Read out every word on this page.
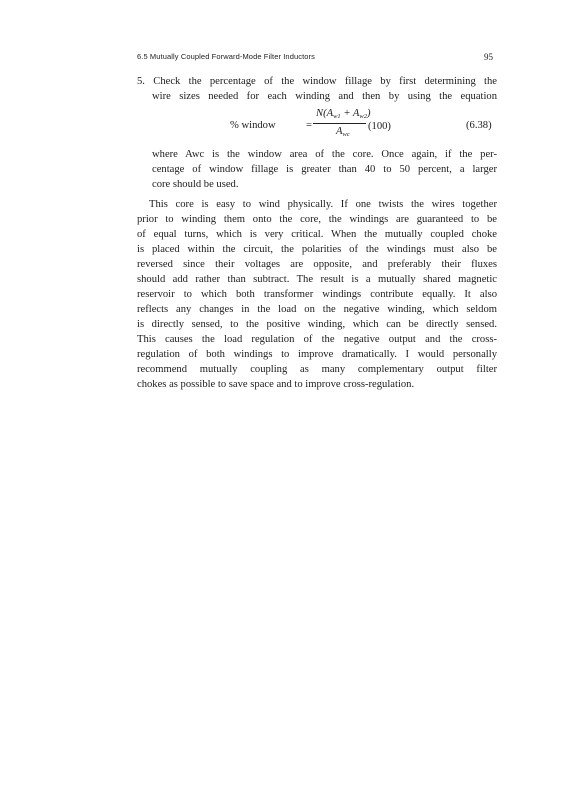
6.5 Mutually Coupled Forward-Mode Filter Inductors	95
5. Check the percentage of the window fillage by first determining the
wire sizes needed for each winding and then by using the equation
% window	=
$N(A_{w1} + A_{w2})$
$A_{wc}$
(100)	(6.38)
where Awc is the window area of the core. Once again, if the per-
centage of window fillage is greater than 40 to 50 percent, a larger
core should be used.
This core is easy to wind physically. If one twists the wires together
prior to winding them onto the core, the windings are guaranteed to be
of equal turns, which is very critical. When the mutually coupled choke
is placed within the circuit, the polarities of the windings must also be
reversed since their voltages are opposite, and preferably their fluxes
should add rather than subtract. The result is a mutually shared magnetic
reservoir to which both transformer windings contribute equally. It also
reflects any changes in the load on the negative winding, which seldom
is directly sensed, to the positive winding, which can be directly sensed.
This causes the load regulation of the negative output and the cross-
regulation of both windings to improve dramatically. I would personally
recommend mutually coupling as many complementary output filter
chokes as possible to save space and to improve cross-regulation.
